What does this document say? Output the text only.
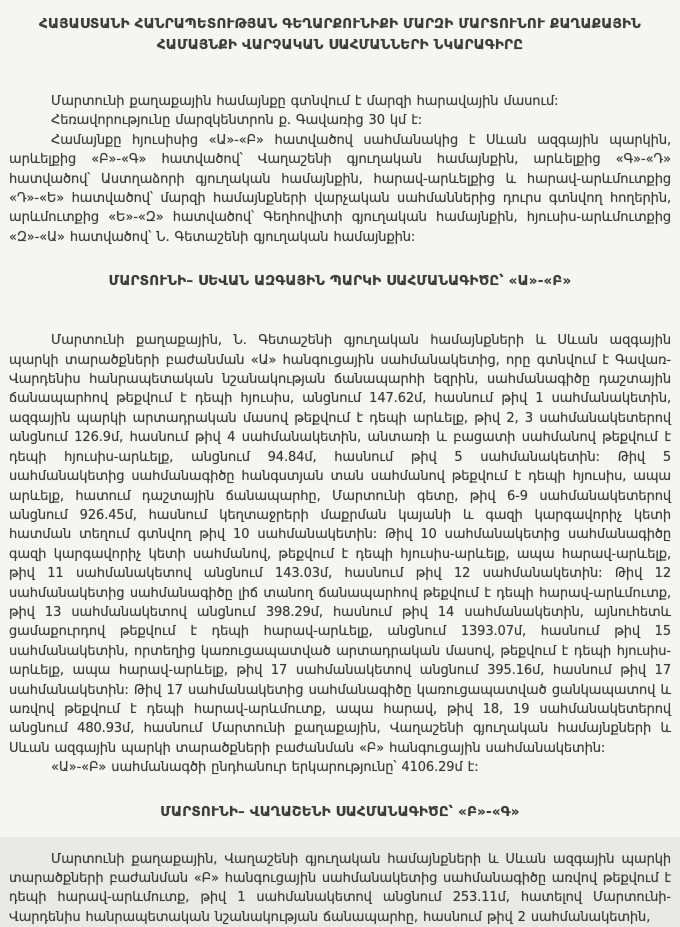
ՀԱՅԱՍՏԱՆԻ ՀԱՆՐԱՊԵՏՈՒԹՅԱՆ ԳԵՂԱՐՔՈՒՆԻՔԻ ՄԱՐԶԻ ՄԱՐՏՈՒՆՈՒ ՔԱՂԱՔԱՅԻՆ
ՀԱՄԱՅՆՔԻ ՎԱՐՉԱԿԱՆ ՍԱՀՄԱՆՆԵՐԻ ՆԿԱՐԱԳԻՐԸ

Մարտունի քաղաքային համայնքը գտնվում է մարզի հարավային մասում:

Հեռավորությունը մարզկենտրոն ք. Գավառից 30 կմ է:

Համայնքը հյուսիսից «Ա»-«Բ» հատվածով սահմանակից է Սևան ազգային պարկին, արևելքից «Բ»-«Գ» հատվածով՝ Վաղաշենի գյուղական համայնքին, արևելքից «Գ»-«Դ» հատվածով՝ Աստղաձորի գյուղական համայնքին, հարավ-արևելքից և հարավ-արևմուտքից «Դ»-«Ե» հատվածով՝ մարզի համայնքների վարչական սահմաններից դուրս գտնվող հողերին, արևմուտքից «Ե»-«Զ» հատվածով՝ Գեղհովիտի գյուղական համայնքին, հյուսիս-արևմուտքից «Զ»-«Ա» հատվածով՝ Ն. Գետաշենի գյուղական համայնքին:

ՄԱՐՏՈՒՆԻ– ՍԵՎԱՆ ԱԶԳԱՅԻՆ ՊԱՐԿԻ ՍԱՀՄԱՆԱԳԻԾԸ՝ «Ա»-«Բ»

Մարտունի քաղաքային, Ն. Գետաշենի գյուղական համայնքների և Սևան ազգային պարկի տարածքների բաժանման «Ա» հանգուցային սահմանակետից, որը գտնվում է Գավառ-Վարդենիս հանրապետական նշանակության ճանապարհի եզրին, սահմանագիծը դաշտային ճանապարհով թեքվում է դեպի հյուսիս, անցնում 147.62մ, հասնում թիվ 1 սահմանակետին, ազգային պարկի արտադրական մասով թեքվում է դեպի արևելք, թիվ 2, 3 սահմանակետերով անցնում 126.9մ, հասնում թիվ 4 սահմանակետին, անտառի և բացատի սահմանով թեքվում է դեպի հյուսիս-արևելք, անցնում 94.84մ, հասնում թիվ 5 սահմանակետին: Թիվ 5 սահմանակետից սահմանագիծը հանգստյան տան սահմանով թեքվում է դեպի հյուսիս, ապա արևելք, հատում դաշտային ճանապարհը, Մարտունի գետը, թիվ 6-9 սահմանակետերով անցնում 926.45մ, հասնում կեղտաջրերի մաքրման կայանի և գազի կարգավորիչ կետի հատման տեղում գտնվող թիվ 10 սահմանակետին: Թիվ 10 սահմանակետից սահմանագիծը գազի կարգավորիչ կետի սահմանով, թեքվում է դեպի հյուսիս-արևելք, ապա հարավ-արևելք, թիվ 11 սահմանակետով անցնում 143.03մ, հասնում թիվ 12 սահմանակետին: Թիվ 12 սահմանակետից սահմանագիծը լիճ տանող ճանապարհով թեքվում է դեպի հարավ-արևմուտք, թիվ 13 սահմանակետով անցնում 398.29մ, հասնում թիվ 14 սահմանակետին, այնուհետև ցամաքուրդով թեքվում է դեպի հարավ-արևելք, անցնում 1393.07մ, հասնում թիվ 15 սահմանակետին, որտեղից կառուցապատված արտադրական մասով, թեքվում է դեպի հյուսիս-արևելք, ապա հարավ-արևելք, թիվ 17 սահմանակետով անցնում 395.16մ, հասնում թիվ 17 սահմանակետին: Թիվ 17 սահմանակետից սահմանագիծը կառուցապատված ցանկապատով և առվով թեքվում է դեպի հարավ-արևմուտք, ապա հարավ, թիվ 18, 19 սահմանակետերով անցնում 480.93մ, հասնում Մարտունի քաղաքային, Վաղաշենի գյուղական համայնքների և Սևան ազգային պարկի տարածքների բաժանման «Բ» հանգուցային սահմանակետին:

«Ա»-«Բ» սահմանագծի ընդհանուր երկարությունը՝ 4106.29մ է:

ՄԱՐՏՈՒՆԻ– ՎԱՂԱՇԵՆԻ ՍԱՀՄԱՆԱԳԻԾԸ՝ «Բ»-«Գ»

Մարտունի քաղաքային, Վաղաշենի գյուղական համայնքների և Սևան ազգային պարկի տարածքների բաժանման «Բ» հանգուցային սահմանակետից սահմանագիծը առվով թեքվում է դեպի հարավ-արևմուտք, թիվ 1 սահմանակետով անցնում 253.11մ, հատելով Մարտունի-Վարդենիս հանրապետական նշանակության ճանապարհը, հասնում թիվ 2 սահմանակետին,
